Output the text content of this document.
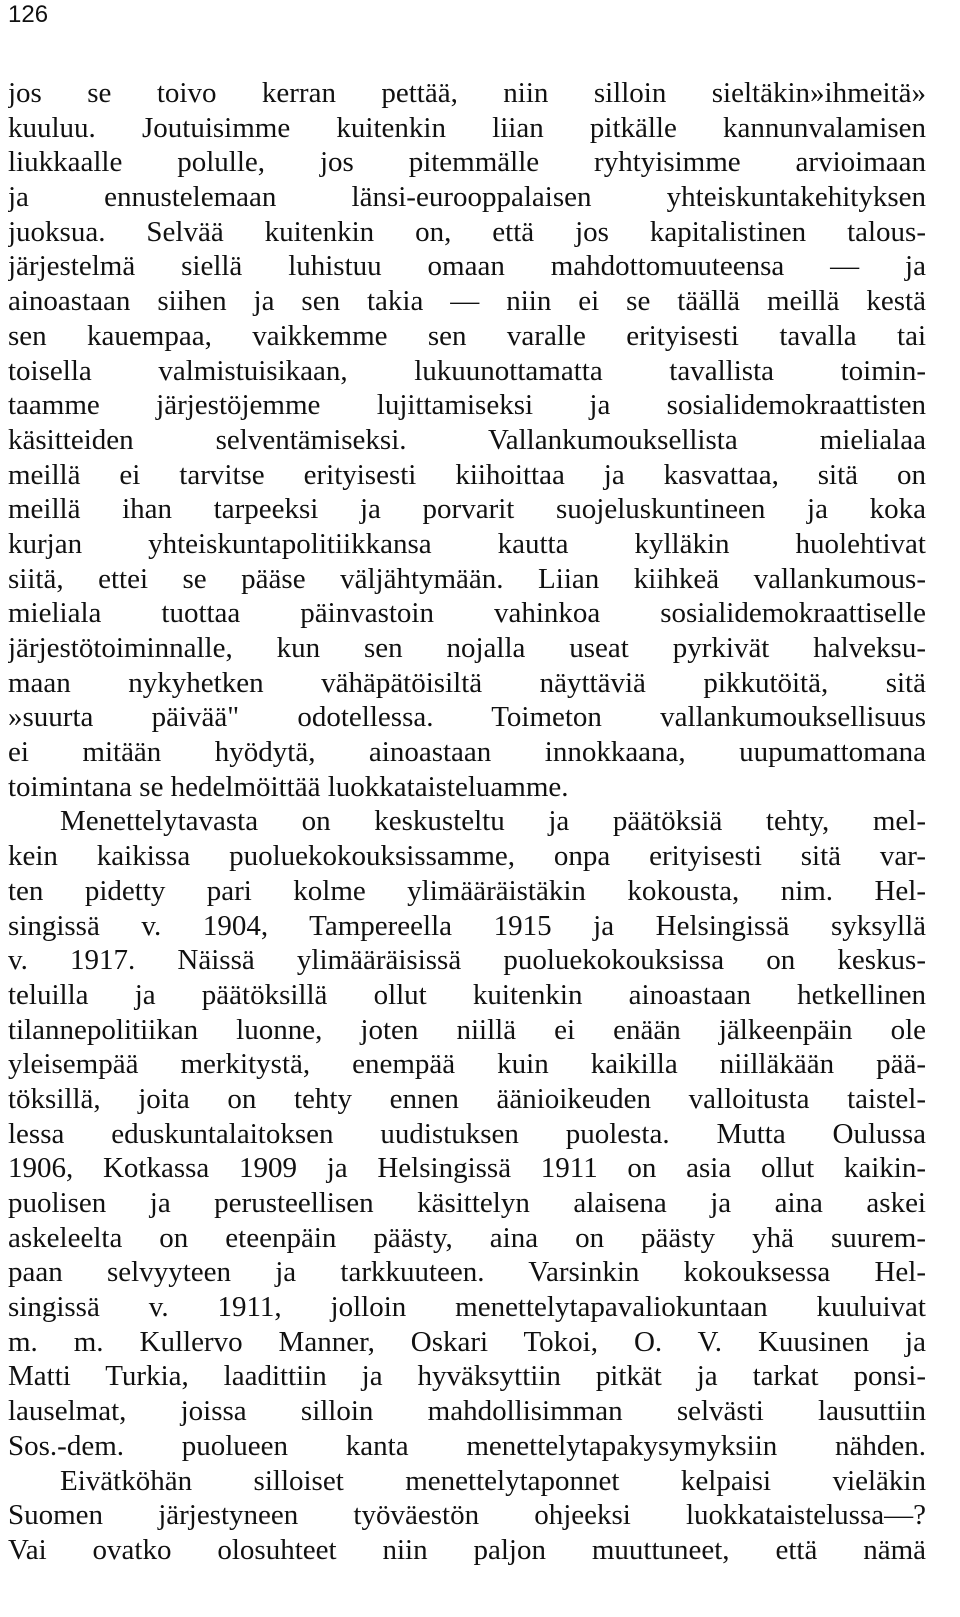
126
jos se toivo kerran pettää, niin silloin sieltäkin»ihmeitä»
kuuluu. Joutuisimme kuitenkin liian pitkälle kannunvalamisen
liukkaalle polulle, jos pitemmälle ryhtyisimme arvioimaan
ja ennustelemaan länsi-eurooppalaisen yhteiskuntakehityksen
juoksua. Selvää kuitenkin on, että jos kapitalistinen talous-
järjestelmä siellä luhistuu omaan mahdottomuuteensa — ja
ainoastaan siihen ja sen takia — niin ei se täällä meillä kestä
sen kauempaa, vaikkemme sen varalle erityisesti tavalla tai
toisella valmistuisikaan, lukuunottamatta tavallista toimin-
taamme järjestöjemme lujittamiseksi ja sosialidemokraattisten
käsitteiden selventämiseksi. Vallankumouksellista mielialaa
meillä ei tarvitse erityisesti kiihoittaa ja kasvattaa, sitä on
meillä ihan tarpeeksi ja porvarit suojeluskuntineen ja koka
kurjan yhteiskuntapolitiikkansa kautta kylläkin huolehtivat
siitä, ettei se pääse väljähtymään. Liian kiihkeä vallankumous-
mieliala tuottaa päinvastoin vahinkoa sosialidemokraattiselle
järjestötoiminnalle, kun sen nojalla useat pyrkivät halveksu-
maan nykyhetken vähäpätöisiltä näyttäviä pikkutöitä, sitä
»suurta päivää" odotellessa. Toimeton vallankumouksellisuus
ei mitään hyödytä, ainoastaan innokkaana, uupumattomana
toimintana se hedelmöittää luokkataisteluamme.
Menettelytavasta on keskusteltu ja päätöksiä tehty, mel-
kein kaikissa puoluekokouksissamme, onpa erityisesti sitä var-
ten pidetty pari kolme ylimääräistäkin kokousta, nim. Hel-
singissä v. 1904, Tampereella 1915 ja Helsingissä syksyllä
v. 1917. Näissä ylimääräisissä puoluekokouksissa on keskus-
teluilla ja päätöksillä ollut kuitenkin ainoastaan hetkellinen
tilannepolitiikan luonne, joten niillä ei enään jälkeenpäin ole
yleisempää merkitystä, enempää kuin kaikilla niilläkään pää-
töksillä, joita on tehty ennen äänioikeuden valloitusta taistel-
lessa eduskuntalaitoksen uudistuksen puolesta. Mutta Oulussa
1906, Kotkassa 1909 ja Helsingissä 1911 on asia ollut kaikin-
puolisen ja perusteellisen käsittelyn alaisena ja aina askei
askeleelta on eteenpäin päästy, aina on päästy yhä suurem-
paan selvyyteen ja tarkkuuteen. Varsinkin kokouksessa Hel-
singissä v. 1911, jolloin menettelytapavaliokuntaan kuuluivat
m. m. Kullervo Manner, Oskari Tokoi, O. V. Kuusinen ja
Matti Turkia, laadittiin ja hyväksyttiin pitkät ja tarkat ponsi-
lauselmat, joissa silloin mahdollisimman selvästi lausuttiin
Sos.-dem. puolueen kanta menettelytapakysymyksiin nähden.
Eivätköhän silloiset menettelytaponnet kelpaisi vieläkin
Suomen järjestyneen työväestön ohjeeksi luokkataistelussa—?
Vai ovatko olosuhteet niin paljon muuttuneet, että nämä
